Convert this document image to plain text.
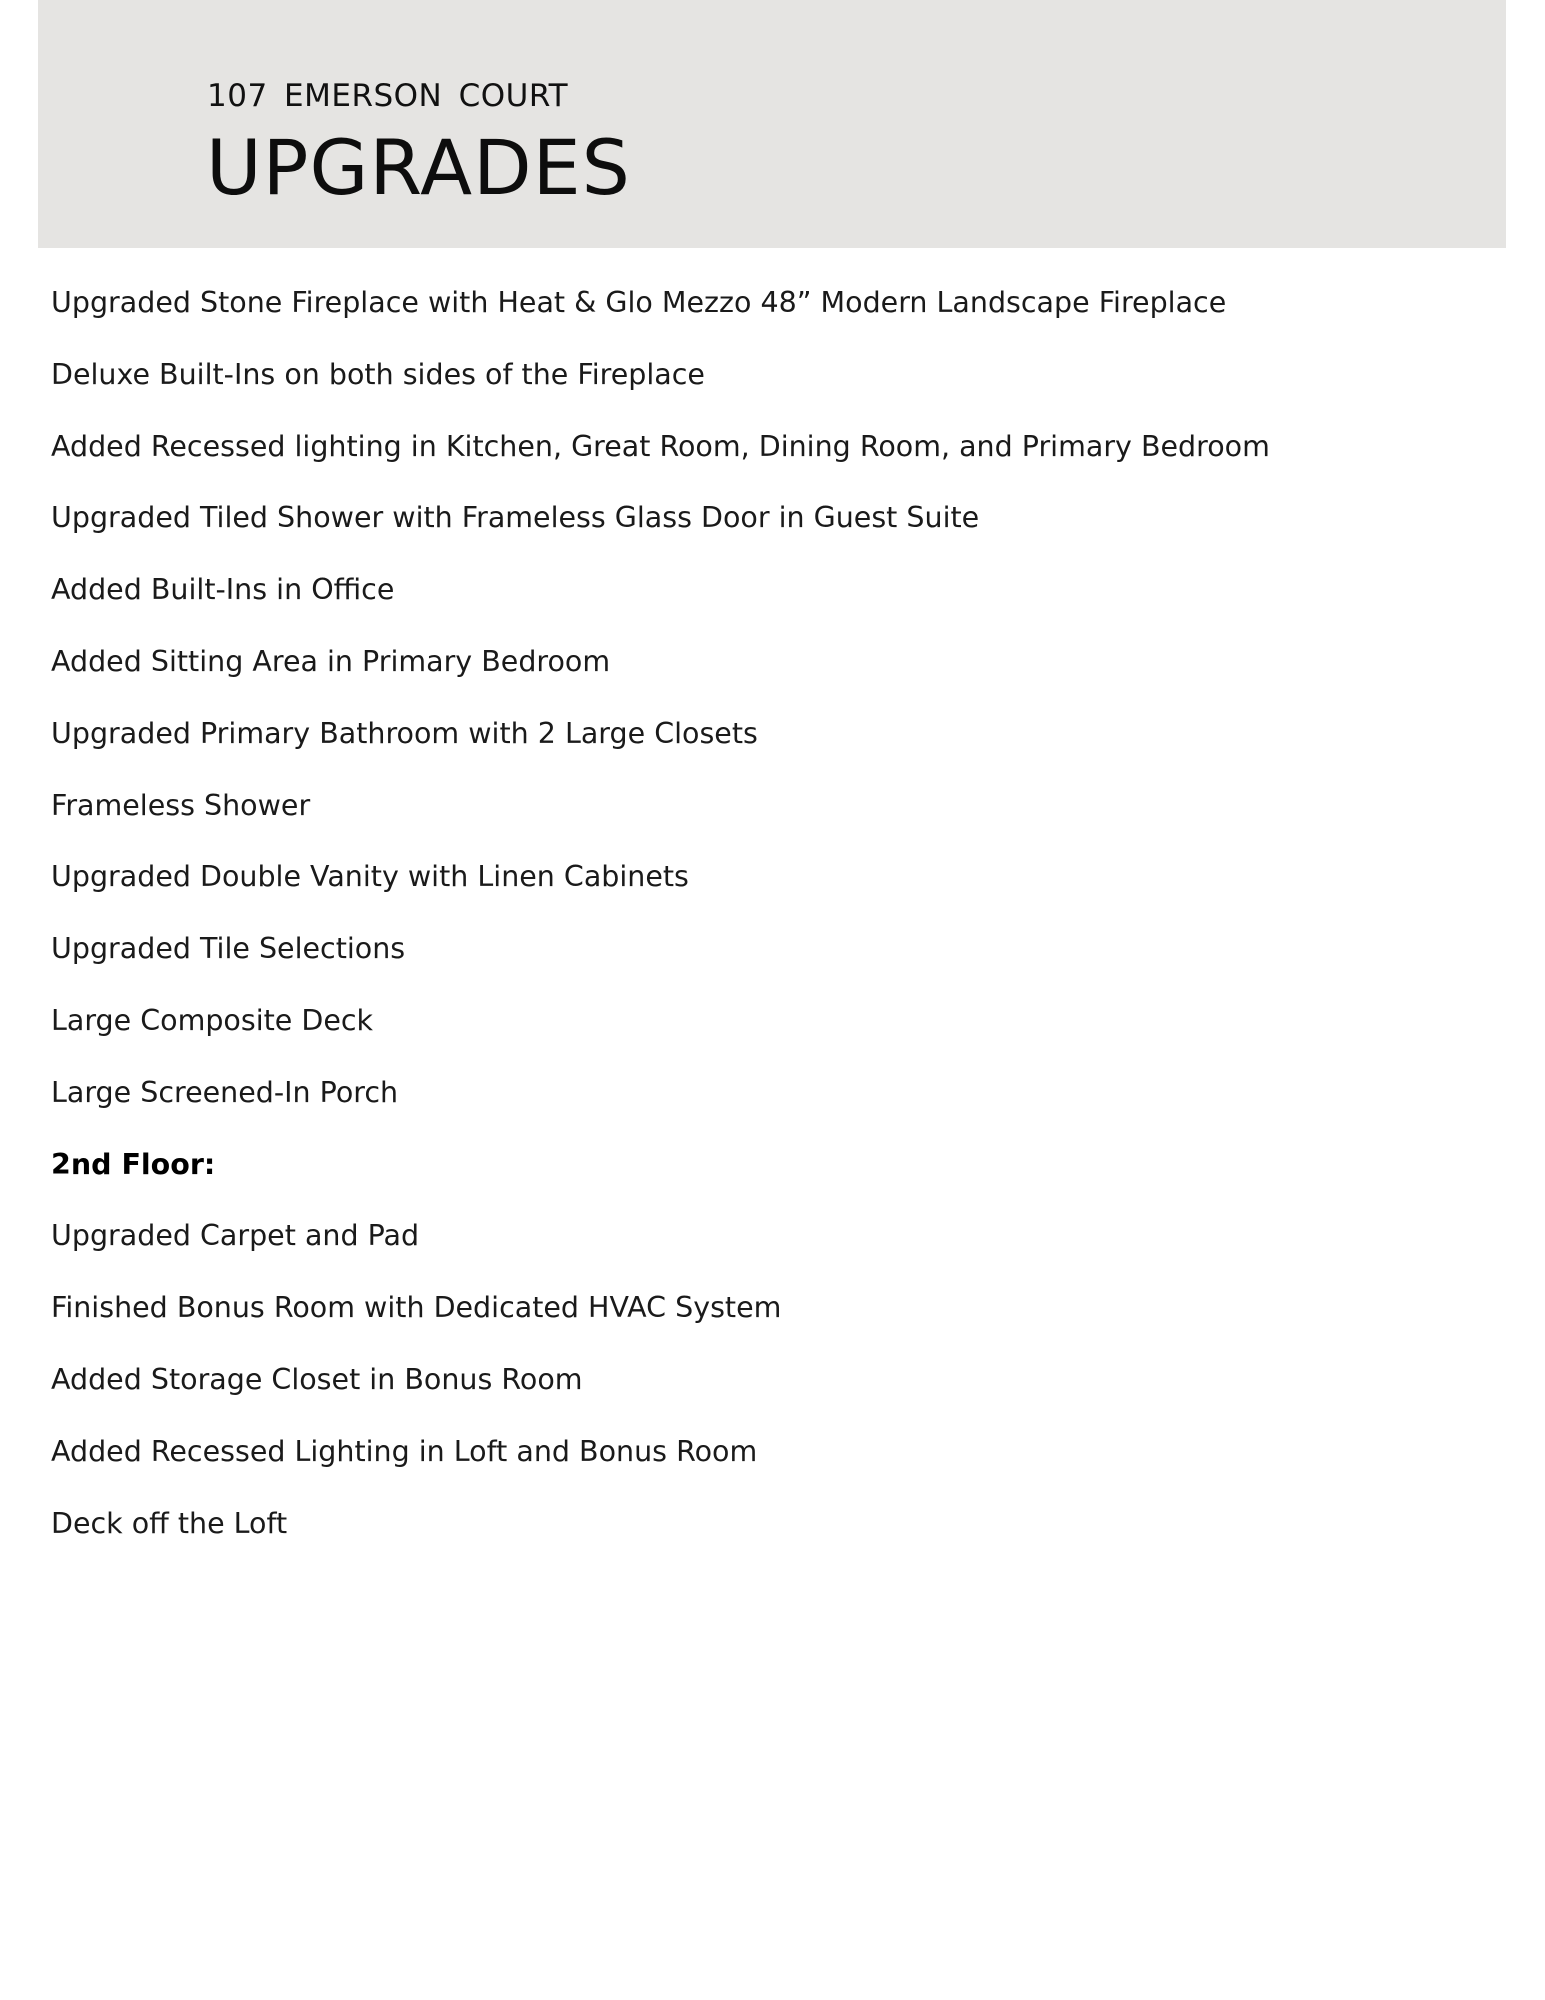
107 EMERSON COURT
UPGRADES
Upgraded Stone Fireplace with Heat & Glo Mezzo 48” Modern Landscape Fireplace
Deluxe Built-Ins on both sides of the Fireplace
Added Recessed lighting in Kitchen, Great Room, Dining Room, and Primary Bedroom
Upgraded Tiled Shower with Frameless Glass Door in Guest Suite
Added Built-Ins in Office
Added Sitting Area in Primary Bedroom
Upgraded Primary Bathroom with 2 Large Closets
Frameless Shower
Upgraded Double Vanity with Linen Cabinets
Upgraded Tile Selections
Large Composite Deck
Large Screened-In Porch
2nd Floor:
Upgraded Carpet and Pad
Finished Bonus Room with Dedicated HVAC System
Added Storage Closet in Bonus Room
Added Recessed Lighting in Loft and Bonus Room
Deck off the Loft
